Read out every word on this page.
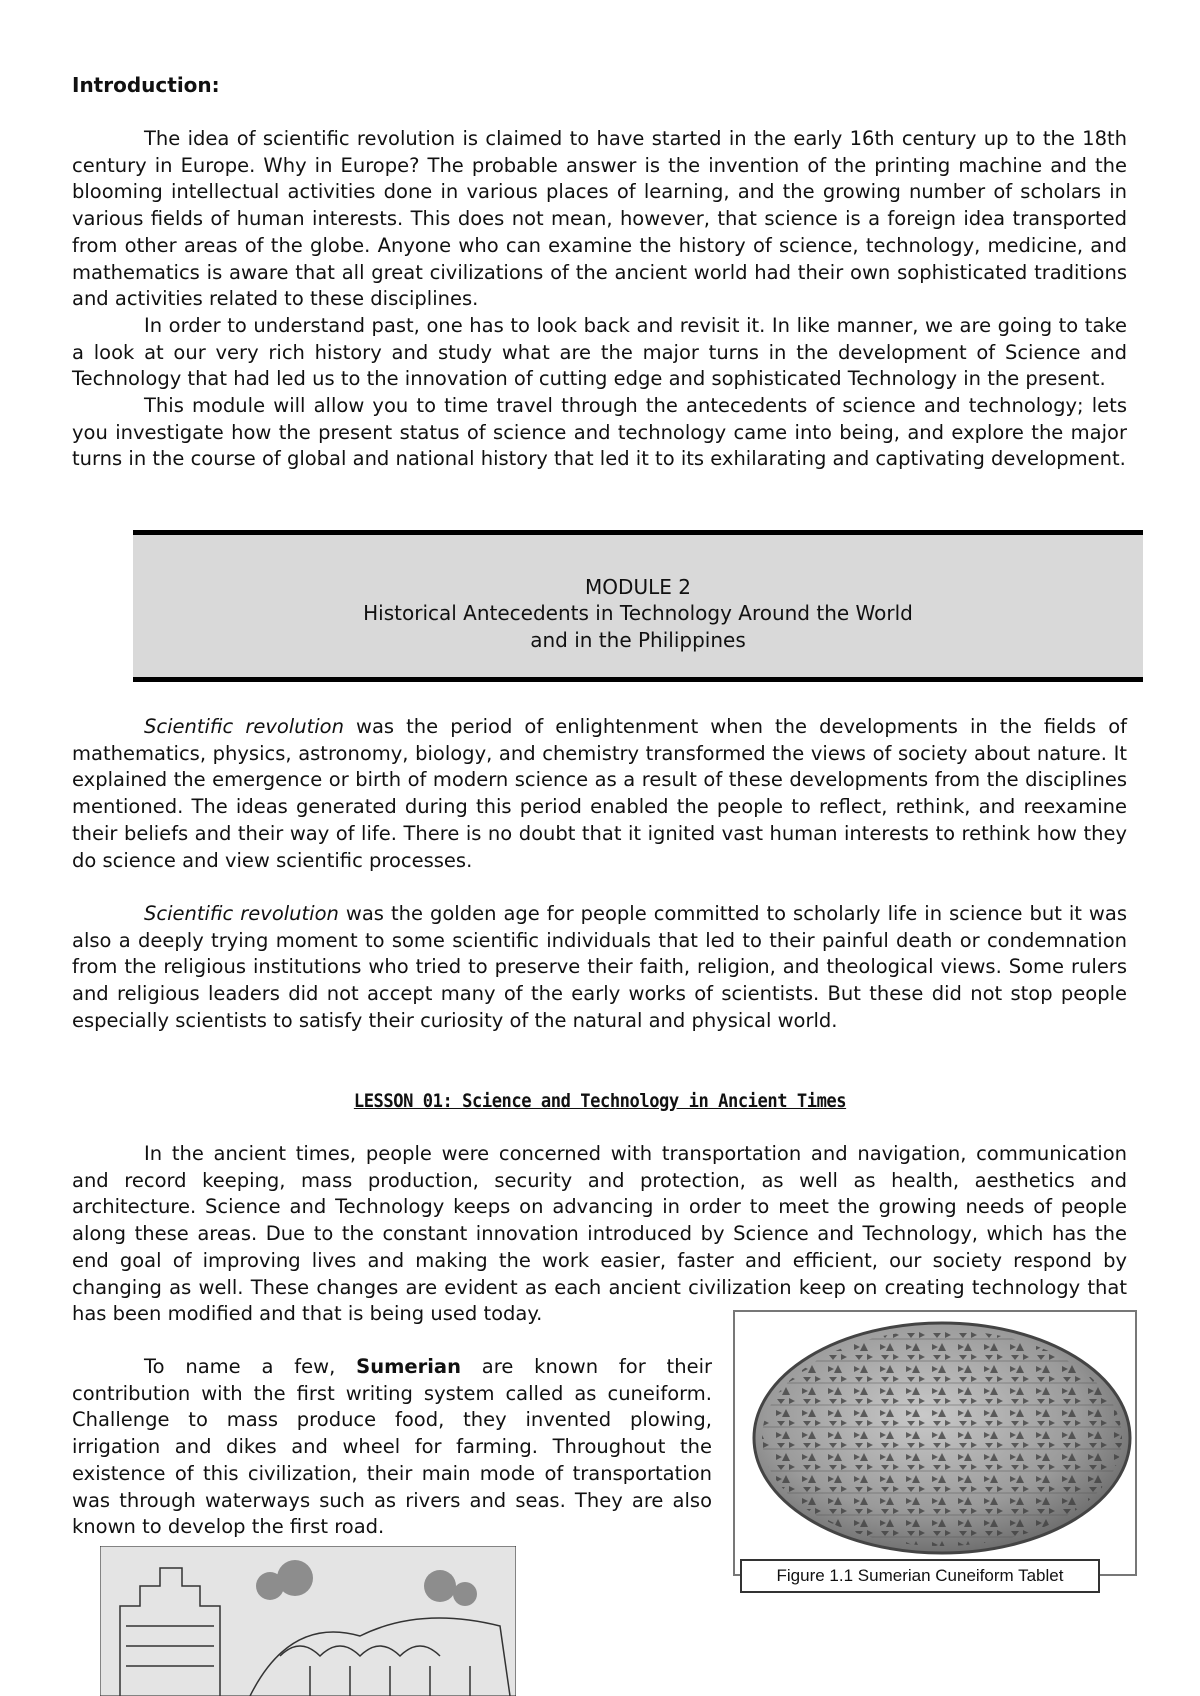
Introduction:

The idea of scientific revolution is claimed to have started in the early 16th century up to the 18th century in Europe. Why in Europe? The probable answer is the invention of the printing machine and the blooming intellectual activities done in various places of learning, and the growing number of scholars in various fields of human interests. This does not mean, however, that science is a foreign idea transported from other areas of the globe. Anyone who can examine the history of science, technology, medicine, and mathematics is aware that all great civilizations of the ancient world had their own sophisticated traditions and activities related to these disciplines.

In order to understand past, one has to look back and revisit it. In like manner, we are going to take a look at our very rich history and study what are the major turns in the development of Science and Technology that had led us to the innovation of cutting edge and sophisticated Technology in the present.

This module will allow you to time travel through the antecedents of science and technology; lets you investigate how the present status of science and technology came into being, and explore the major turns in the course of global and national history that led it to its exhilarating and captivating development.

MODULE 2
Historical Antecedents in Technology Around the World
and in the Philippines

Scientific revolution was the period of enlightenment when the developments in the fields of mathematics, physics, astronomy, biology, and chemistry transformed the views of society about nature. It explained the emergence or birth of modern science as a result of these developments from the disciplines mentioned. The ideas generated during this period enabled the people to reflect, rethink, and reexamine their beliefs and their way of life. There is no doubt that it ignited vast human interests to rethink how they do science and view scientific processes.

Scientific revolution was the golden age for people committed to scholarly life in science but it was also a deeply trying moment to some scientific individuals that led to their painful death or condemnation from the religious institutions who tried to preserve their faith, religion, and theological views. Some rulers and religious leaders did not accept many of the early works of scientists. But these did not stop people especially scientists to satisfy their curiosity of the natural and physical world.

LESSON 01: Science and Technology in Ancient Times

In the ancient times, people were concerned with transportation and navigation, communication and record keeping, mass production, security and protection, as well as health, aesthetics and architecture. Science and Technology keeps on advancing in order to meet the growing needs of people along these areas. Due to the constant innovation introduced by Science and Technology, which has the end goal of improving lives and making the work easier, faster and efficient, our society respond by changing as well. These changes are evident as each ancient civilization keep on creating technology that has been modified and that is being used today.

To name a few, Sumerian are known for their contribution with the first writing system called as cuneiform. Challenge to mass produce food, they invented plowing, irrigation and dikes and wheel for farming. Throughout the existence of this civilization, their main mode of transportation was through waterways such as rivers and seas. They are also known to develop the first road.

Figure 1.1 Sumerian Cuneiform Tablet
